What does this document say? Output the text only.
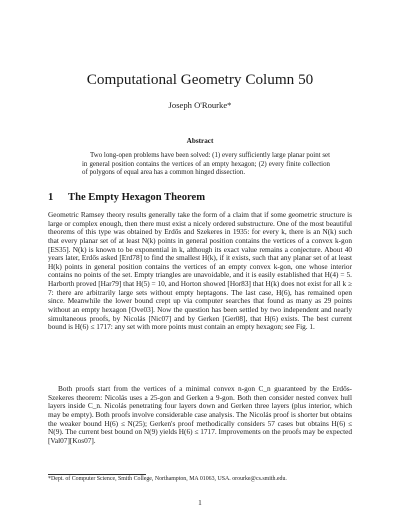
Computational Geometry Column 50
Joseph O'Rourke*
Abstract
Two long-open problems have been solved: (1) every sufficiently large planar point set in general position contains the vertices of an empty hexagon; (2) every finite collection of polygons of equal area has a common hinged dissection.
1 The Empty Hexagon Theorem
Geometric Ramsey theory results generally take the form of a claim that if some geometric structure is large or complex enough, then there must exist a nicely ordered substructure. One of the most beautiful theorems of this type was obtained by Erdős and Szekeres in 1935: for every k, there is an N(k) such that every planar set of at least N(k) points in general position contains the vertices of a convex k-gon [ES35]. N(k) is known to be exponential in k, although its exact value remains a conjecture. About 40 years later, Erdős asked [Erd78] to find the smallest H(k), if it exists, such that any planar set of at least H(k) points in general position contains the vertices of an empty convex k-gon, one whose interior contains no points of the set. Empty triangles are unavoidable, and it is easily established that H(4) = 5. Harborth proved [Har79] that H(5) = 10, and Horton showed [Hor83] that H(k) does not exist for all k ≥ 7: there are arbitrarily large sets without empty heptagons. The last case, H(6), has remained open since. Meanwhile the lower bound crept up via computer searches that found as many as 29 points without an empty hexagon [Ove03]. Now the question has been settled by two independent and nearly simultaneous proofs, by Nicolás [Nic07] and by Gerken [Ger08], that H(6) exists. The best current bound is H(6) ≤ 1717: any set with more points must contain an empty hexagon; see Fig. 1.
Both proofs start from the vertices of a minimal convex n-gon C_n guaranteed by the Erdős-Szekeres theorem: Nicolás uses a 25-gon and Gerken a 9-gon. Both then consider nested convex hull layers inside C_n. Nicolás penetrating four layers down and Gerken three layers (plus interior, which may be empty). Both proofs involve considerable case analysis. The Nicolás proof is shorter but obtains the weaker bound H(6) ≤ N(25); Gerken's proof methodically considers 57 cases but obtains H(6) ≤ N(9). The current best bound on N(9) yields H(6) ≤ 1717. Improvements on the proofs may be expected [Val07][Kos07].
*Dept. of Computer Science, Smith College, Northampton, MA 01063, USA. orourke@cs.smith.edu.
1
